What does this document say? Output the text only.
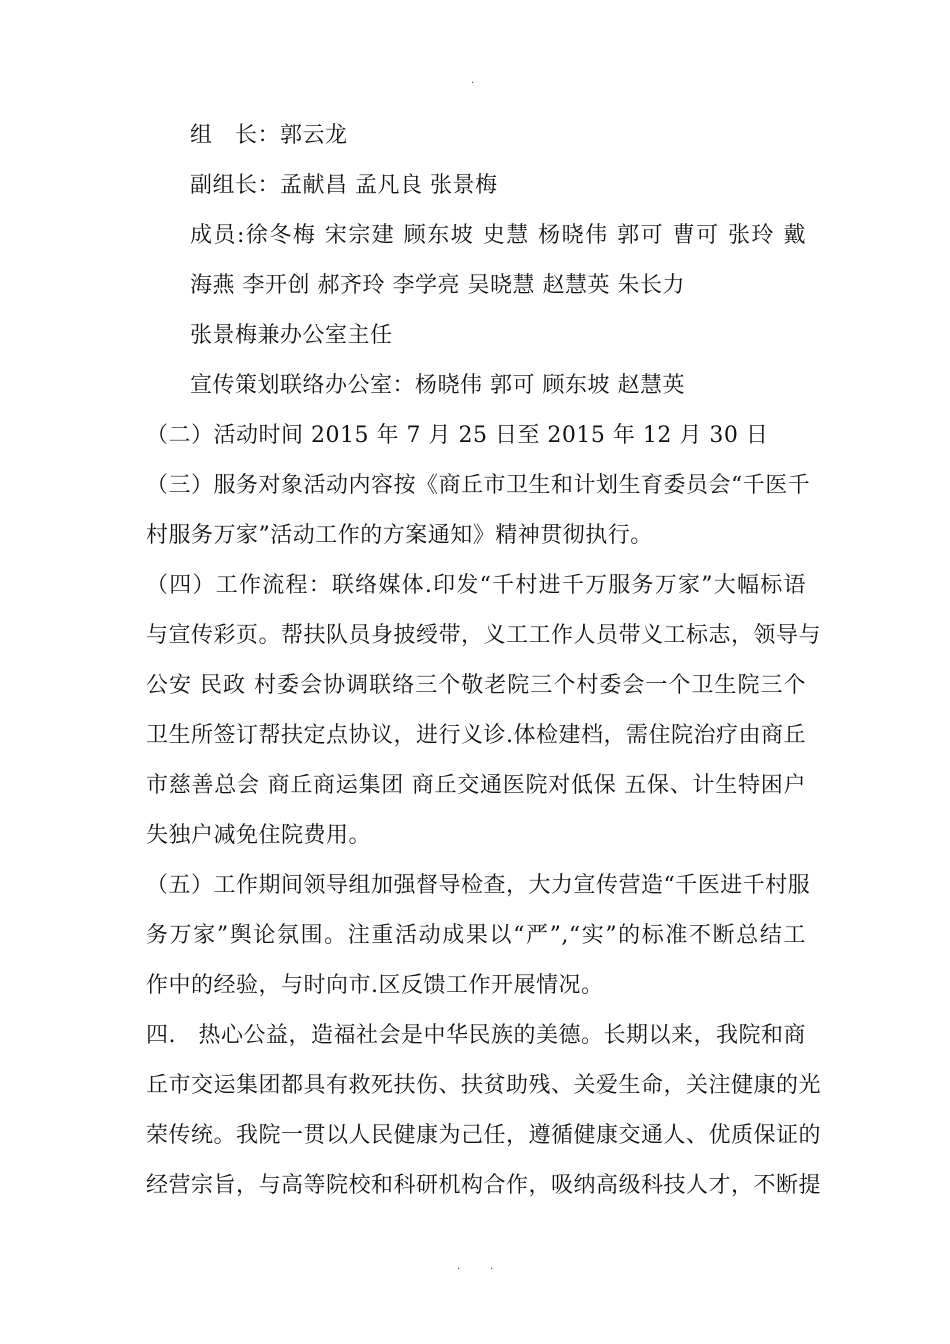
.
组　长：郭云龙
副组长：孟献昌 孟凡良 张景梅
成员:徐冬梅 宋宗建 顾东坡 史慧 杨晓伟 郭可 曹可 张玲 戴
海燕 李开创 郝齐玲 李学亮 吴晓慧 赵慧英 朱长力
张景梅兼办公室主任
宣传策划联络办公室：杨晓伟 郭可 顾东坡 赵慧英
（二）活动时间 2015 年 7 月 25 日至 2015 年 12 月 30 日
（三）服务对象活动内容按《商丘市卫生和计划生育委员会“千医千
村服务万家”活动工作的方案通知》精神贯彻执行。
（四）工作流程：联络媒体.印发“千村进千万服务万家”大幅标语
与宣传彩页。帮扶队员身披绶带，义工工作人员带义工标志，领导与
公安 民政 村委会协调联络三个敬老院三个村委会一个卫生院三个
卫生所签订帮扶定点协议，进行义诊.体检建档，需住院治疗由商丘
市慈善总会 商丘商运集团 商丘交通医院对低保 五保、计生特困户
失独户减免住院费用。
（五）工作期间领导组加强督导检查，大力宣传营造“千医进千村服
务万家”舆论氛围。注重活动成果以“严”,“实”的标准不断总结工
作中的经验，与时向市.区反馈工作开展情况。
四.　热心公益，造福社会是中华民族的美德。长期以来，我院和商
丘市交运集团都具有救死扶伤、扶贫助残、关爱生命，关注健康的光
荣传统。我院一贯以人民健康为己任，遵循健康交通人、优质保证的
经营宗旨，与高等院校和科研机构合作，吸纳高级科技人才，不断提
.	.
